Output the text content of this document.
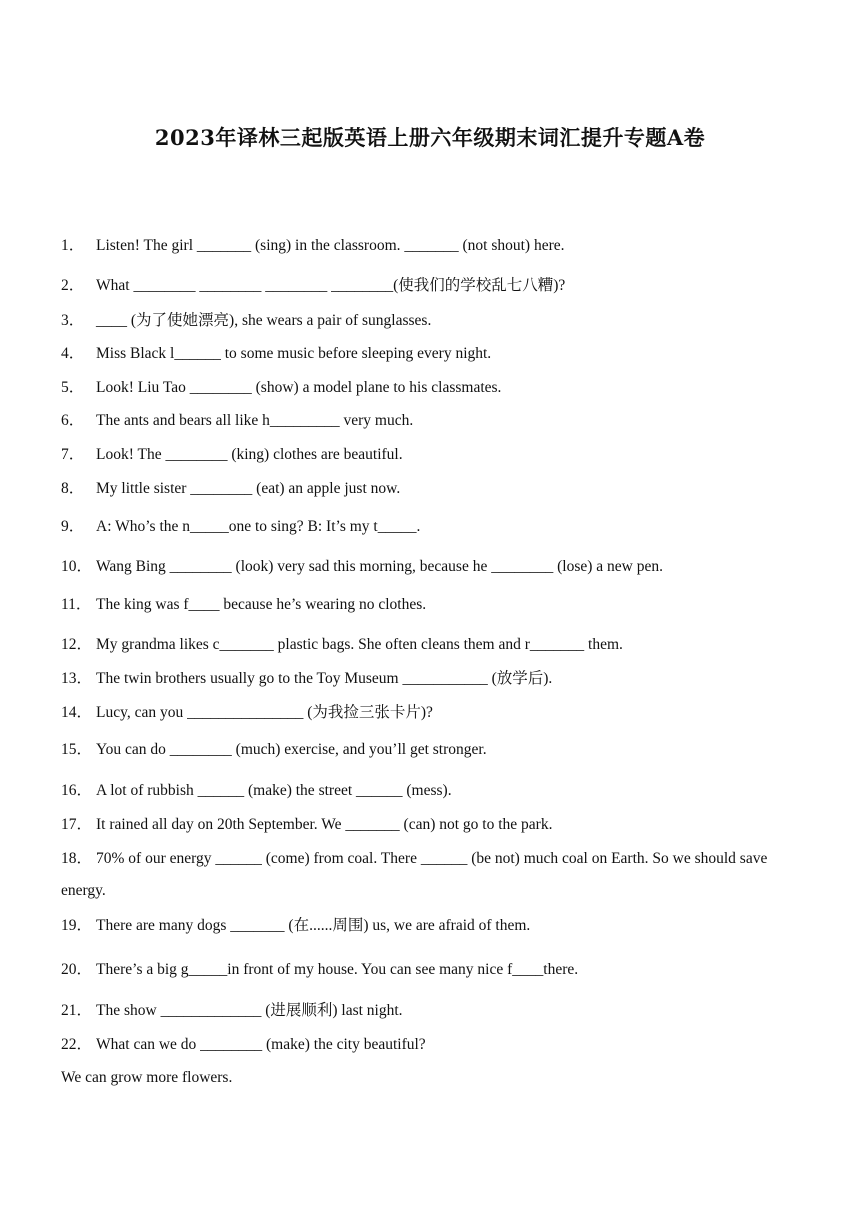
2023年译林三起版英语上册六年级期末词汇提升专题A卷
1． Listen! The girl _______ (sing) in the classroom. _______ (not shout) here.
2． What ________ ________ ________ ________(使我们的学校乱七八糟)?
3． ____ (为了使她漂亮), she wears a pair of sunglasses.
4． Miss Black l______ to some music before sleeping every night.
5． Look! Liu Tao ________ (show) a model plane to his classmates.
6． The ants and bears all like h_________ very much.
7． Look! The ________ (king) clothes are beautiful.
8． My little sister ________ (eat) an apple just now.
9． A: Who’s the n_____one to sing? B: It’s my t_____.
10． Wang Bing ________ (look) very sad this morning, because he ________ (lose) a new pen.
11． The king was f____ because he’s wearing no clothes.
12． My grandma likes c_______ plastic bags. She often cleans them and r_______ them.
13． The twin brothers usually go to the Toy Museum ___________ (放学后).
14． Lucy, can you _______________ (为我捡三张卡片)?
15． You can do ________ (much) exercise, and you’ll get stronger.
16． A lot of rubbish ______ (make) the street ______ (mess).
17． It rained all day on 20th September. We _______ (can) not go to the park.
18． 70% of our energy ______ (come) from coal. There ______ (be not) much coal on Earth. So we should save energy.
19． There are many dogs _______ (在......周围) us, we are afraid of them.
20． There’s a big g_____in front of my house. You can see many nice f____there.
21． The show _____________ (进展顺利) last night.
22． What can we do ________ (make) the city beautiful?
We can grow more flowers.
